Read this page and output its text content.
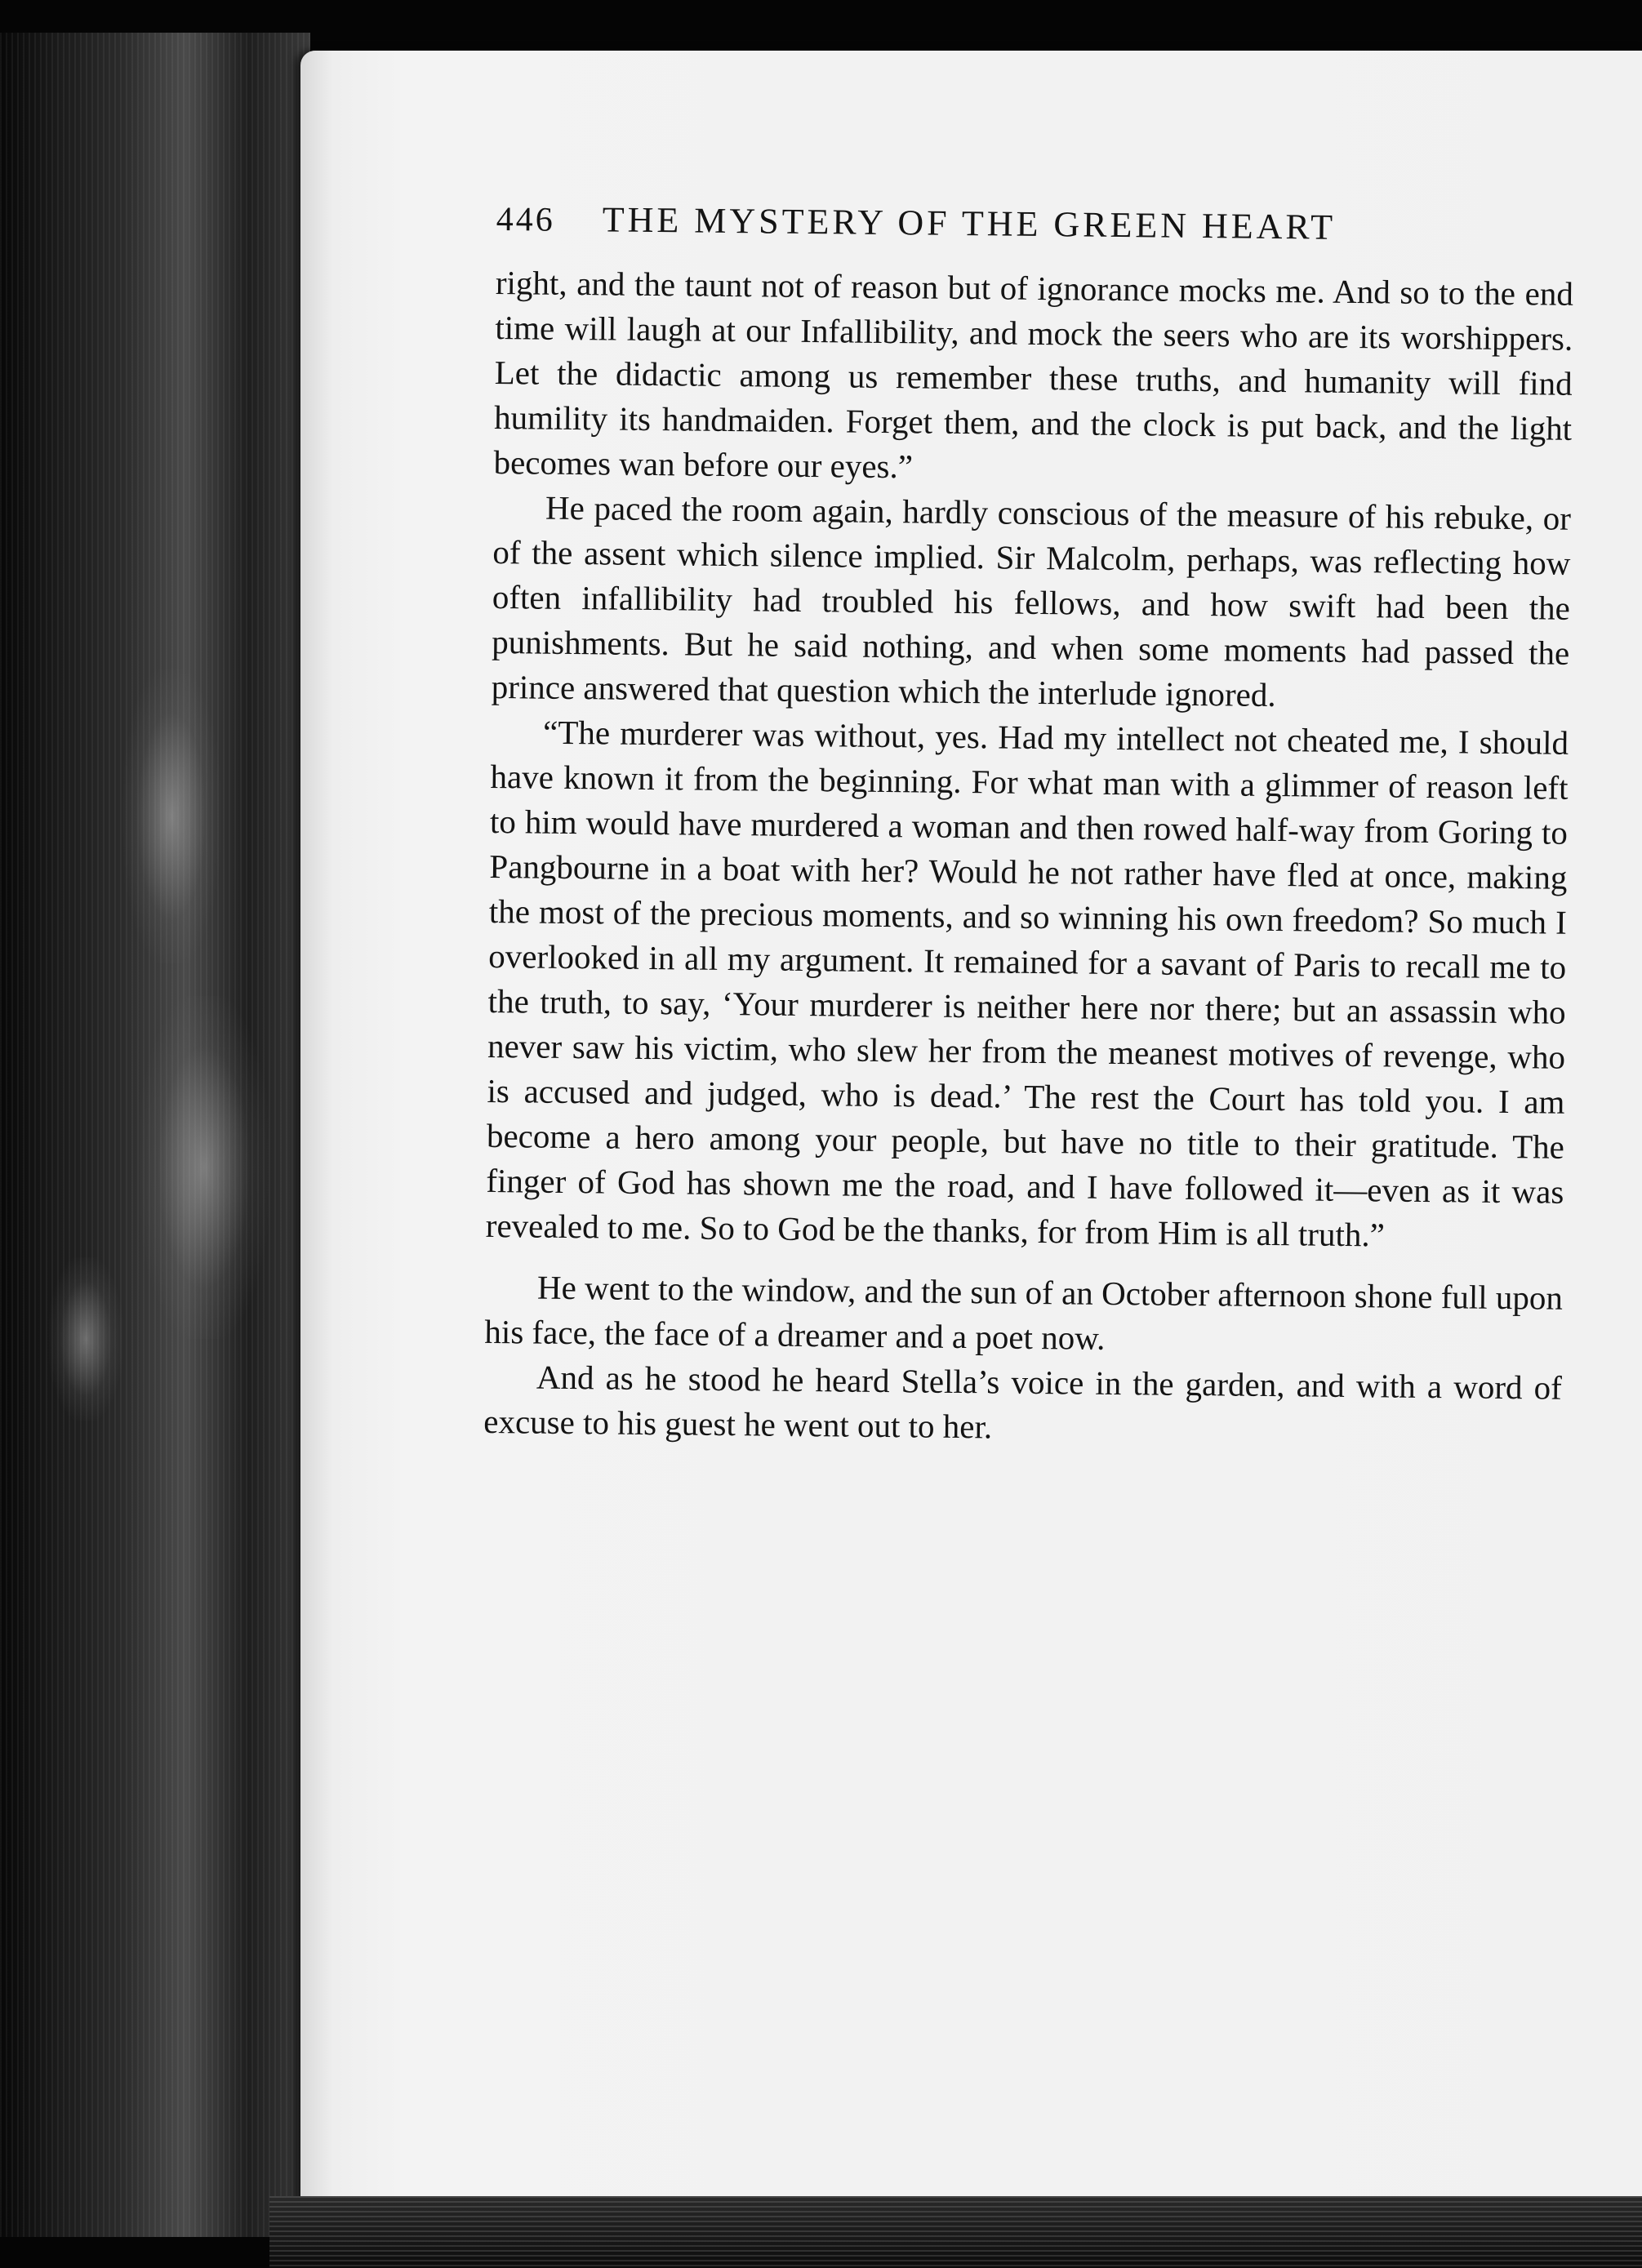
446	THE MYSTERY OF THE GREEN HEART

right, and the taunt not of reason but of ignorance mocks me. And so to the end time will laugh at our Infallibility, and mock the seers who are its worshippers. Let the didactic among us remember these truths, and humanity will find humility its handmaiden. Forget them, and the clock is put back, and the light becomes wan before our eyes.”

He paced the room again, hardly conscious of the measure of his rebuke, or of the assent which silence implied. Sir Malcolm, perhaps, was reflecting how often infallibility had troubled his fellows, and how swift had been the punishments. But he said nothing, and when some moments had passed the prince answered that question which the interlude ignored.

“The murderer was without, yes. Had my intellect not cheated me, I should have known it from the beginning. For what man with a glimmer of reason left to him would have murdered a woman and then rowed half-way from Goring to Pangbourne in a boat with her? Would he not rather have fled at once, making the most of the precious moments, and so winning his own freedom? So much I overlooked in all my argument. It remained for a savant of Paris to recall me to the truth, to say, ‘Your murderer is neither here nor there; but an assassin who never saw his victim, who slew her from the meanest motives of revenge, who is accused and judged, who is dead.’ The rest the Court has told you. I am become a hero among your people, but have no title to their gratitude. The finger of God has shown me the road, and I have followed it—even as it was revealed to me. So to God be the thanks, for from Him is all truth.”

He went to the window, and the sun of an October afternoon shone full upon his face, the face of a dreamer and a poet now.

And as he stood he heard Stella’s voice in the garden, and with a word of excuse to his guest he went out to her.
